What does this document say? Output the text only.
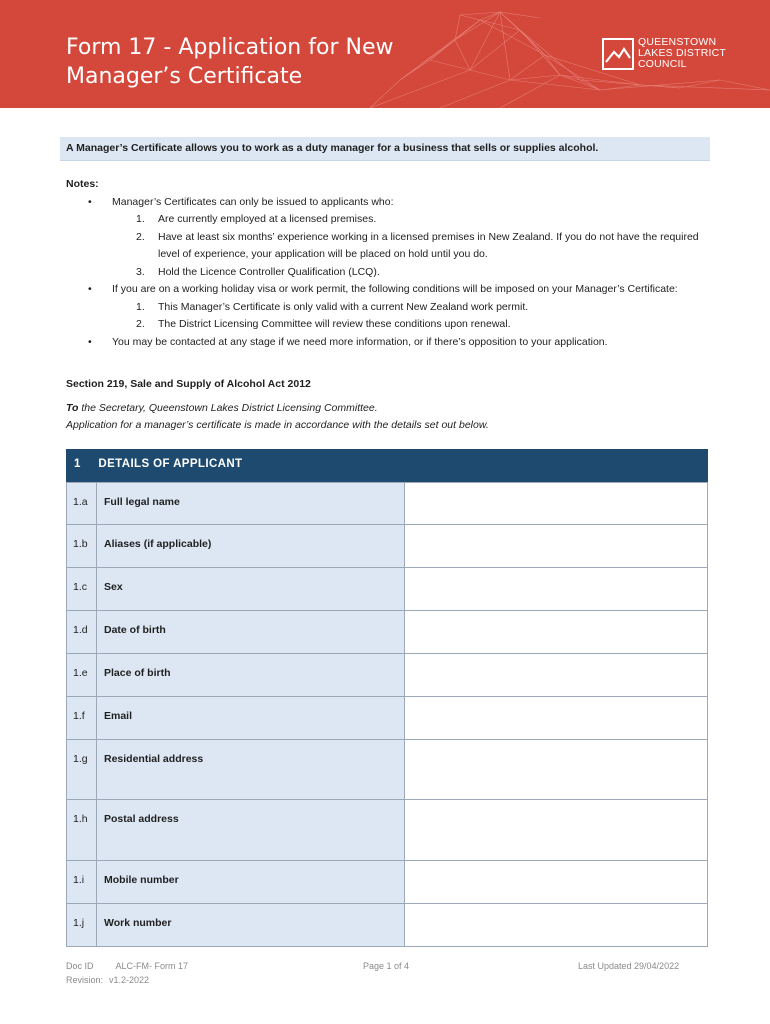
Form 17 - Application for New
Manager’s Certificate
QUEENSTOWN
LAKES DISTRICT
COUNCIL
A Manager’s Certificate allows you to work as a duty manager for a business that sells or supplies alcohol.
Notes:
• Manager’s Certificates can only be issued to applicants who:
1. Are currently employed at a licensed premises.
2. Have at least six months’ experience working in a licensed premises in New Zealand. If you do not have the required level of experience, your application will be placed on hold until you do.
3. Hold the Licence Controller Qualification (LCQ).
• If you are on a working holiday visa or work permit, the following conditions will be imposed on your Manager’s Certificate:
1. This Manager’s Certificate is only valid with a current New Zealand work permit.
2. The District Licensing Committee will review these conditions upon renewal.
• You may be contacted at any stage if we need more information, or if there’s opposition to your application.
Section 219, Sale and Supply of Alcohol Act 2012
To the Secretary, Queenstown Lakes District Licensing Committee.
Application for a manager’s certificate is made in accordance with the details set out below.
1 DETAILS OF APPLICANT
1.a	Full legal name
1.b	Aliases (if applicable)
1.c	Sex
1.d	Date of birth
1.e	Place of birth
1.f	Email
1.g	Residential address
1.h	Postal address
1.i	Mobile number
1.j	Work number
Doc ID ALC-FM- Form 17
Revision: v1.2-2022
Page 1 of 4	Last Updated 29/04/2022
